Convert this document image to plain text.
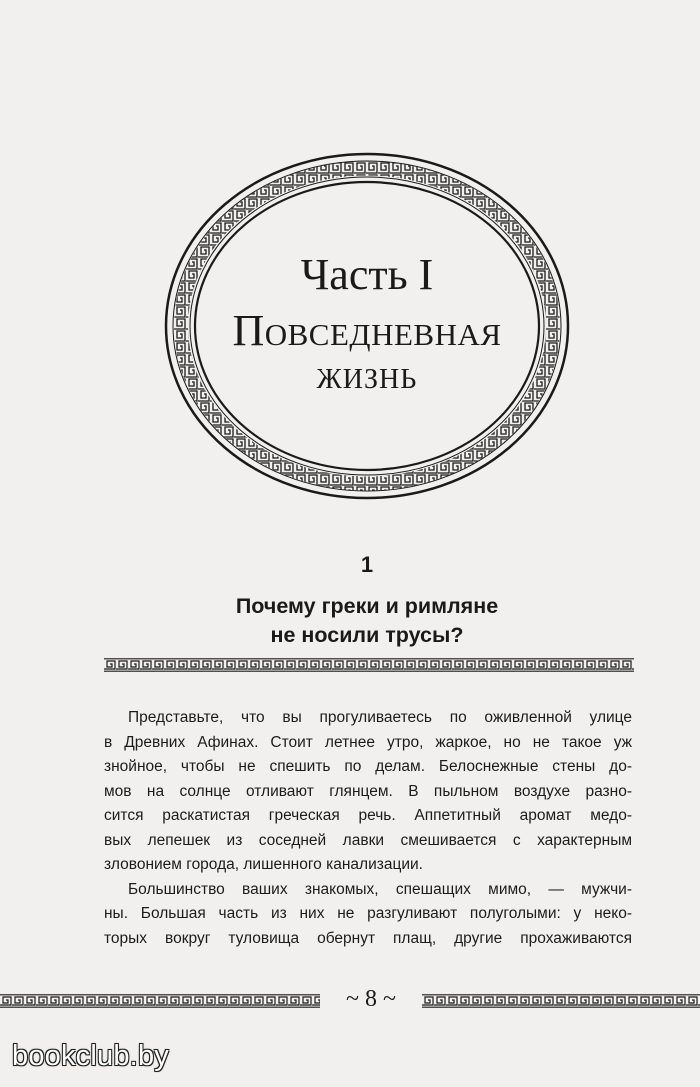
Часть I
Повседневная
жизнь
1
Почему греки и римляне
не носили трусы?
Представьте, что вы прогуливаетесь по оживленной улице
в Древних Афинах. Стоит летнее утро, жаркое, но не такое уж
знойное, чтобы не спешить по делам. Белоснежные стены до-
мов на солнце отливают глянцем. В пыльном воздухе разно-
сится раскатистая греческая речь. Аппетитный аромат медо-
вых лепешек из соседней лавки смешивается с характерным
зловонием города, лишенного канализации.
Большинство ваших знакомых, спешащих мимо, — мужчи-
ны. Большая часть из них не разгуливают полуголыми: у неко-
торых вокруг туловища обернут плащ, другие прохаживаются
~ 8 ~
bookclub.by
